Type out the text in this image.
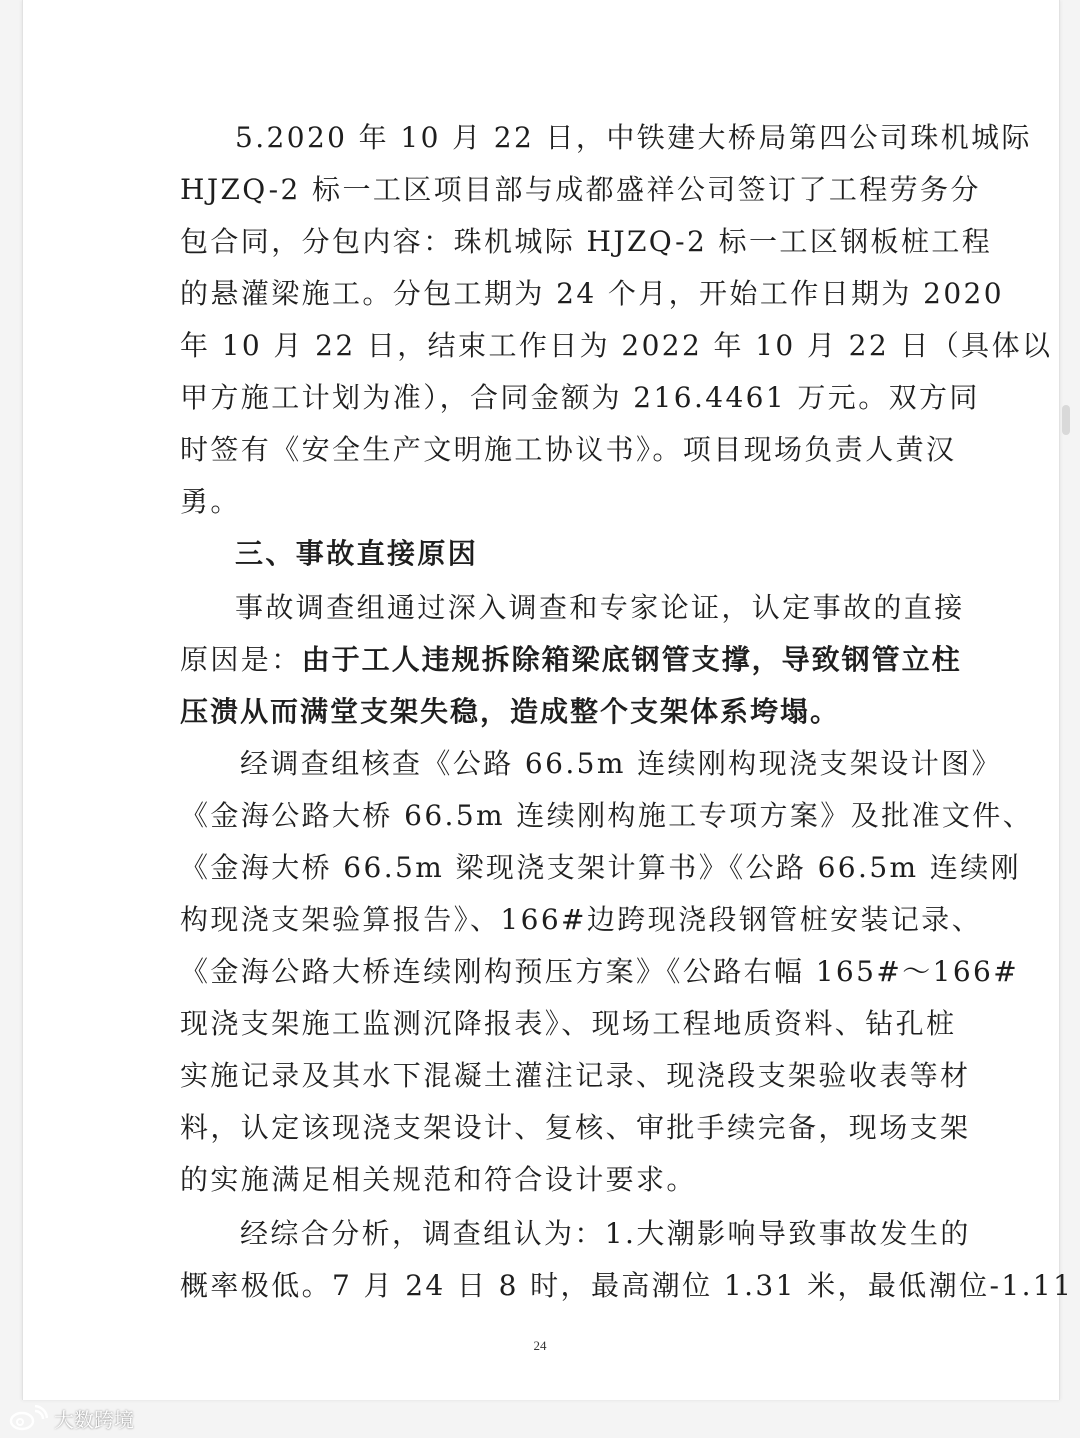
5.2020 年 10 月 22 日，中铁建大桥局第四公司珠机城际
HJZQ-2 标一工区项目部与成都盛祥公司签订了工程劳务分
包合同，分包内容：珠机城际 HJZQ-2 标一工区钢板桩工程
的悬灌梁施工。分包工期为 24 个月，开始工作日期为 2020
年 10 月 22 日，结束工作日为 2022 年 10 月 22 日（具体以
甲方施工计划为准），合同金额为 216.4461 万元。双方同
时签有《安全生产文明施工协议书》。项目现场负责人黄汉
勇。
三、事故直接原因
事故调查组通过深入调查和专家论证，认定事故的直接
原因是：由于工人违规拆除箱梁底钢管支撑，导致钢管立柱
压溃从而满堂支架失稳，造成整个支架体系垮塌。
经调查组核查《公路 66.5m 连续刚构现浇支架设计图》
《金海公路大桥 66.5m 连续刚构施工专项方案》及批准文件、
《金海大桥 66.5m 梁现浇支架计算书》《公路 66.5m 连续刚
构现浇支架验算报告》、166#边跨现浇段钢管桩安装记录、
《金海公路大桥连续刚构预压方案》《公路右幅 165#～166#
现浇支架施工监测沉降报表》、现场工程地质资料、钻孔桩
实施记录及其水下混凝土灌注记录、现浇段支架验收表等材
料，认定该现浇支架设计、复核、审批手续完备，现场支架
的实施满足相关规范和符合设计要求。
经综合分析，调查组认为：1.大潮影响导致事故发生的
概率极低。7 月 24 日 8 时，最高潮位 1.31 米，最低潮位-1.11
24
大数跨境
